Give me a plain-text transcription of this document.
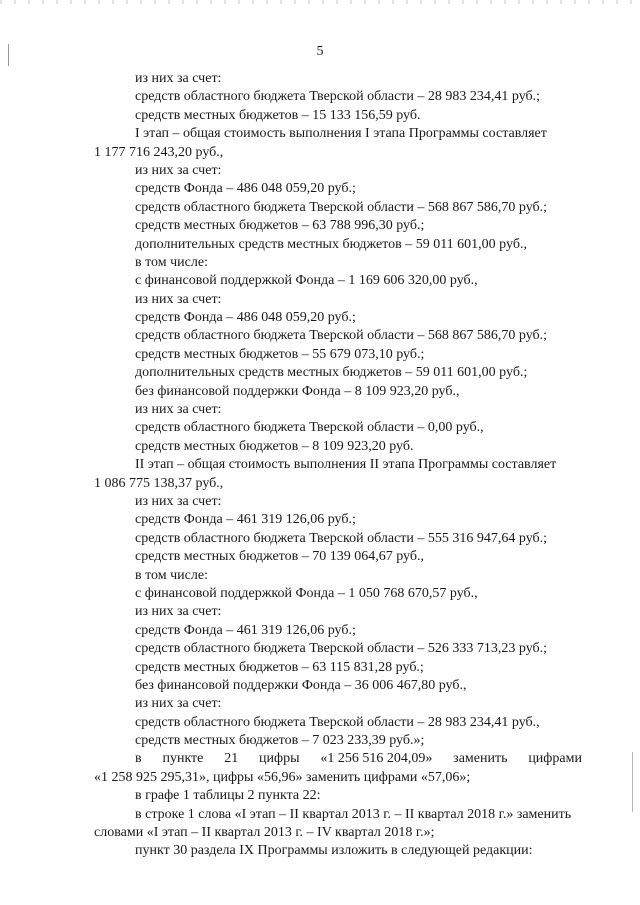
5
из них за счет:
средств областного бюджета Тверской области – 28 983 234,41 руб.;
средств местных бюджетов – 15 133 156,59 руб.
I этап – общая стоимость выполнения I этапа Программы составляет
1 177 716 243,20 руб.,
из них за счет:
средств Фонда – 486 048 059,20 руб.;
средств областного бюджета Тверской области – 568 867 586,70 руб.;
средств местных бюджетов – 63 788 996,30 руб.;
дополнительных средств местных бюджетов – 59 011 601,00 руб.,
в том числе:
с финансовой поддержкой Фонда – 1 169 606 320,00 руб.,
из них за счет:
средств Фонда – 486 048 059,20 руб.;
средств областного бюджета Тверской области – 568 867 586,70 руб.;
средств местных бюджетов – 55 679 073,10 руб.;
дополнительных средств местных бюджетов – 59 011 601,00 руб.;
без финансовой поддержки Фонда – 8 109 923,20 руб.,
из них за счет:
средств областного бюджета Тверской области – 0,00 руб.,
средств местных бюджетов – 8 109 923,20 руб.
II этап – общая стоимость выполнения II этапа Программы составляет
1 086 775 138,37 руб.,
из них за счет:
средств Фонда – 461 319 126,06 руб.;
средств областного бюджета Тверской области – 555 316 947,64 руб.;
средств местных бюджетов – 70 139 064,67 руб.,
в том числе:
с финансовой поддержкой Фонда – 1 050 768 670,57 руб.,
из них за счет:
средств Фонда – 461 319 126,06 руб.;
средств областного бюджета Тверской области – 526 333 713,23 руб.;
средств местных бюджетов – 63 115 831,28 руб.;
без финансовой поддержки Фонда – 36 006 467,80 руб.,
из них за счет:
средств областного бюджета Тверской области – 28 983 234,41 руб.,
средств местных бюджетов – 7 023 233,39 руб.»;
в пункте 21 цифры «1 256 516 204,09» заменить цифрами
«1 258 925 295,31», цифры «56,96» заменить цифрами «57,06»;
в графе 1 таблицы 2 пункта 22:
в строке 1 слова «I этап – II квартал 2013 г. – II квартал 2018 г.» заменить
словами «I этап – II квартал 2013 г. – IV квартал 2018 г.»;
пункт 30 раздела IX Программы изложить в следующей редакции:
